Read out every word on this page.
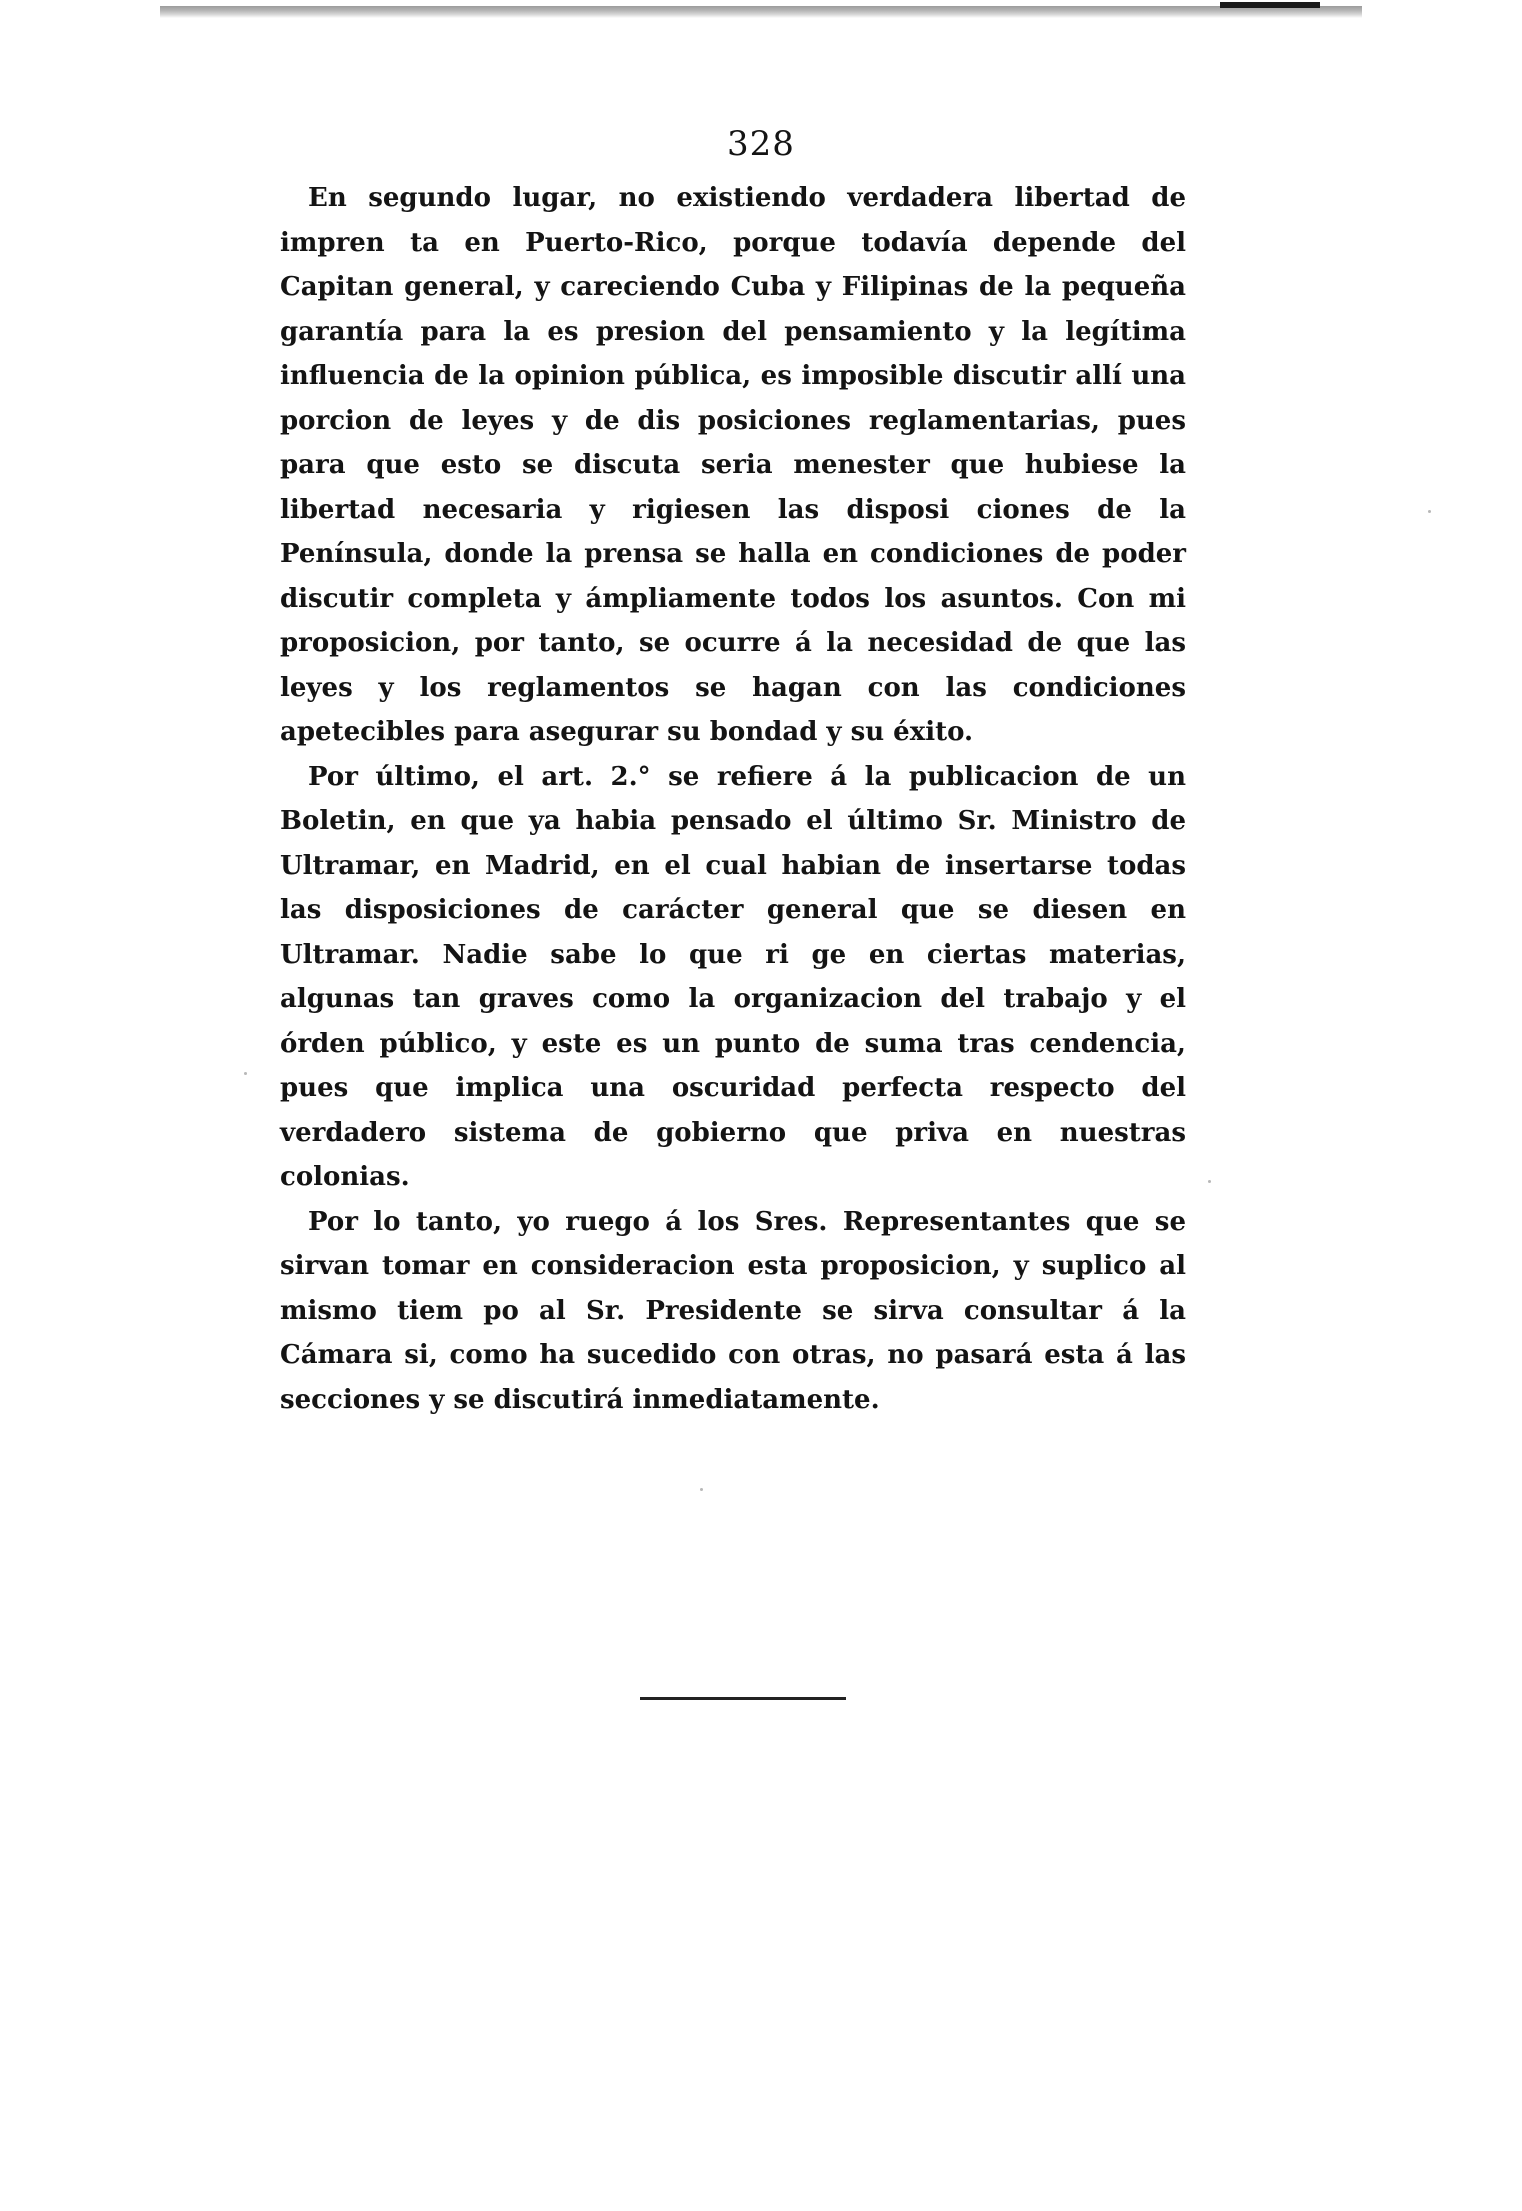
328

En segundo lugar, no existiendo verdadera libertad de impren ta en Puerto-Rico, porque todavía depende del Capitan general, y careciendo Cuba y Filipinas de la pequeña garantía para la es presion del pensamiento y la legítima influencia de la opinion pública, es imposible discutir allí una porcion de leyes y de dis posiciones reglamentarias, pues para que esto se discuta seria menester que hubiese la libertad necesaria y rigiesen las disposi ciones de la Península, donde la prensa se halla en condiciones de poder discutir completa y ámpliamente todos los asuntos. Con mi proposicion, por tanto, se ocurre á la necesidad de que las leyes y los reglamentos se hagan con las condiciones apetecibles para asegurar su bondad y su éxito.

Por último, el art. 2.° se refiere á la publicacion de un Boletin, en que ya habia pensado el último Sr. Ministro de Ultramar, en Madrid, en el cual habian de insertarse todas las disposiciones de carácter general que se diesen en Ultramar. Nadie sabe lo que ri ge en ciertas materias, algunas tan graves como la organizacion del trabajo y el órden público, y este es un punto de suma tras cendencia, pues que implica una oscuridad perfecta respecto del verdadero sistema de gobierno que priva en nuestras colonias.

Por lo tanto, yo ruego á los Sres. Representantes que se sirvan tomar en consideracion esta proposicion, y suplico al mismo tiem po al Sr. Presidente se sirva consultar á la Cámara si, como ha sucedido con otras, no pasará esta á las secciones y se discutirá inmediatamente.
